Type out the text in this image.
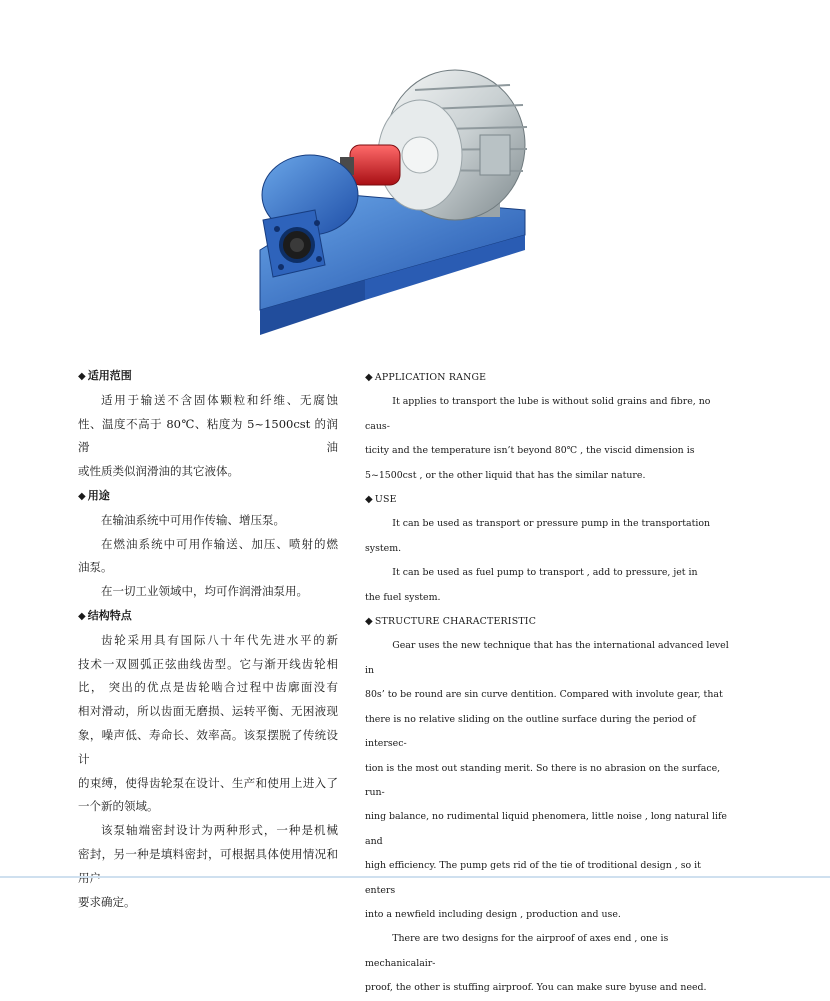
◆ 适用范围

适用于输送不含固体颗粒和纤维、无腐蚀

性、温度不高于 80℃、粘度为 5~1500cst 的润滑油

或性质类似润滑油的其它液体。

◆ 用途

在输油系统中可用作传输、增压泵。

在燃油系统中可用作输送、加压、喷射的燃

油泵。

在一切工业领域中，均可作润滑油泵用。

◆ 结构特点

齿轮采用具有国际八十年代先进水平的新

技术一双圆弧正弦曲线齿型。它与渐开线齿轮相

比， 突出的优点是齿轮啮合过程中齿廓面没有

相对滑动，所以齿面无磨损、运转平衡、无困液现

象，噪声低、寿命长、效率高。该泵摆脱了传统设计

的束缚，使得齿轮泵在设计、生产和使用上进入了

一个新的领域。

该泵轴端密封设计为两种形式，一种是机械

密封，另一种是填料密封，可根据具体使用情况和

要求确定。

◆ APPLICATION RANGE

It applies to transport the lube is without solid grains and fibre, no caus-

ticity and the temperature isn’t beyond 80℃ , the viscid dimension is

5~1500cst , or the other liquid that has the similar nature.

◆ USE

It can be used as transport or pressure pump in the transportation

system.

It can be used as fuel pump to transport , add to pressure, jet in

the fuel system.

◆ STRUCTURE CHARACTERISTIC

Gear uses the new technique that has the international advanced level in

80s’ to be round are sin curve dentition. Compared with involute gear, that

there is no relative sliding on the outline surface during the period of intersec-

tion is the most out standing merit. So there is no abrasion on the surface, run-

ning balance, no rudimental liquid phenomera, little noise , long natural life and

high efficiency. The pump gets rid of the tie of troditional design , so it enters

into a newfield including design , production and use.

There are two designs for the airproof of axes end , one is mechanicalair-

proof, the other is stuffing airproof. You can make sure byuse and need.
